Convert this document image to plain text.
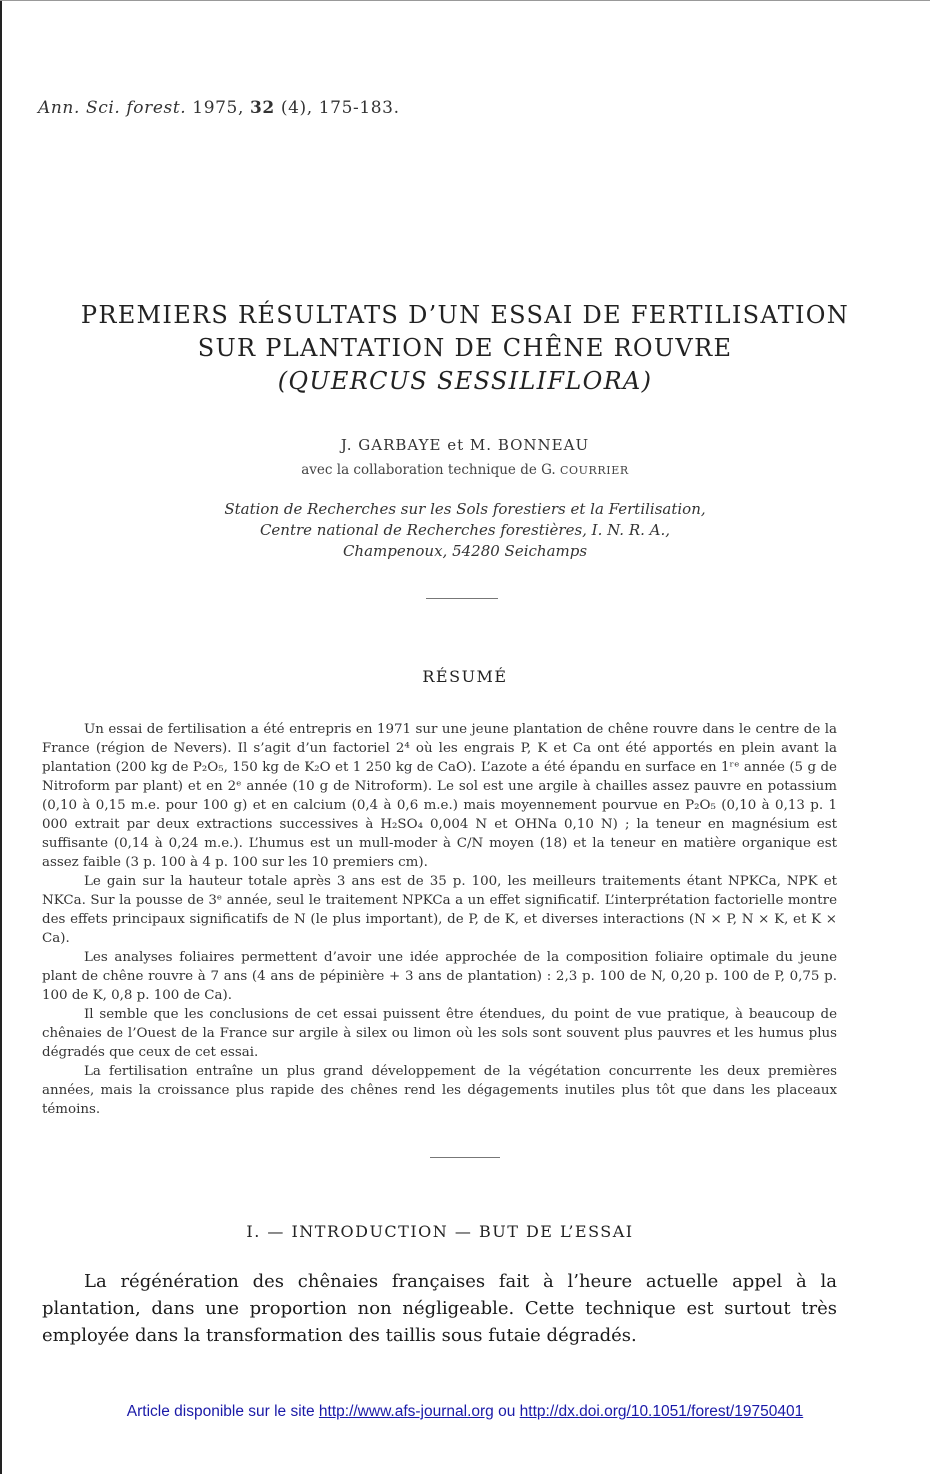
Ann. Sci. forest. 1975, 32 (4), 175-183.
PREMIERS RÉSULTATS D’UN ESSAI DE FERTILISATION
SUR PLANTATION DE CHÊNE ROUVRE
(QUERCUS SESSILIFLORA)
J. GARBAYE et M. BONNEAU
avec la collaboration technique de G. COURRIER
Station de Recherches sur les Sols forestiers et la Fertilisation,
Centre national de Recherches forestières, I. N. R. A.,
Champenoux, 54280 Seichamps
RÉSUMÉ

Un essai de fertilisation a été entrepris en 1971 sur une jeune plantation de chêne rouvre dans le centre de la France (région de Nevers). Il s’agit d’un factoriel 2⁴ où les engrais P, K et Ca ont été apportés en plein avant la plantation (200 kg de P₂O₅, 150 kg de K₂O et 1 250 kg de CaO). L’azote a été épandu en surface en 1ʳᵉ année (5 g de Nitroform par plant) et en 2ᵉ année (10 g de Nitroform). Le sol est une argile à chailles assez pauvre en potassium (0,10 à 0,15 m.e. pour 100 g) et en calcium (0,4 à 0,6 m.e.) mais moyennement pourvue en P₂O₅ (0,10 à 0,13 p. 1 000 extrait par deux extractions successives à H₂SO₄ 0,004 N et OHNa 0,10 N) ; la teneur en magnésium est suffisante (0,14 à 0,24 m.e.). L’humus est un mull-moder à C/N moyen (18) et la teneur en matière organique est assez faible (3 p. 100 à 4 p. 100 sur les 10 premiers cm).

Le gain sur la hauteur totale après 3 ans est de 35 p. 100, les meilleurs traitements étant NPKCa, NPK et NKCa. Sur la pousse de 3ᵉ année, seul le traitement NPKCa a un effet significatif. L’interprétation factorielle montre des effets principaux significatifs de N (le plus important), de P, de K, et diverses interactions (N × P, N × K, et K × Ca).

Les analyses foliaires permettent d’avoir une idée approchée de la composition foliaire optimale du jeune plant de chêne rouvre à 7 ans (4 ans de pépinière + 3 ans de plantation) : 2,3 p. 100 de N, 0,20 p. 100 de P, 0,75 p. 100 de K, 0,8 p. 100 de Ca).

Il semble que les conclusions de cet essai puissent être étendues, du point de vue pratique, à beaucoup de chênaies de l’Ouest de la France sur argile à silex ou limon où les sols sont souvent plus pauvres et les humus plus dégradés que ceux de cet essai.

La fertilisation entraîne un plus grand développement de la végétation concurrente les deux premières années, mais la croissance plus rapide des chênes rend les dégagements inutiles plus tôt que dans les placeaux témoins.

I. — INTRODUCTION — BUT DE L’ESSAI

La régénération des chênaies françaises fait à l’heure actuelle appel à la plantation, dans une proportion non négligeable. Cette technique est surtout très employée dans la transformation des taillis sous futaie dégradés.

Article disponible sur le site http://www.afs-journal.org ou http://dx.doi.org/10.1051/forest/19750401
